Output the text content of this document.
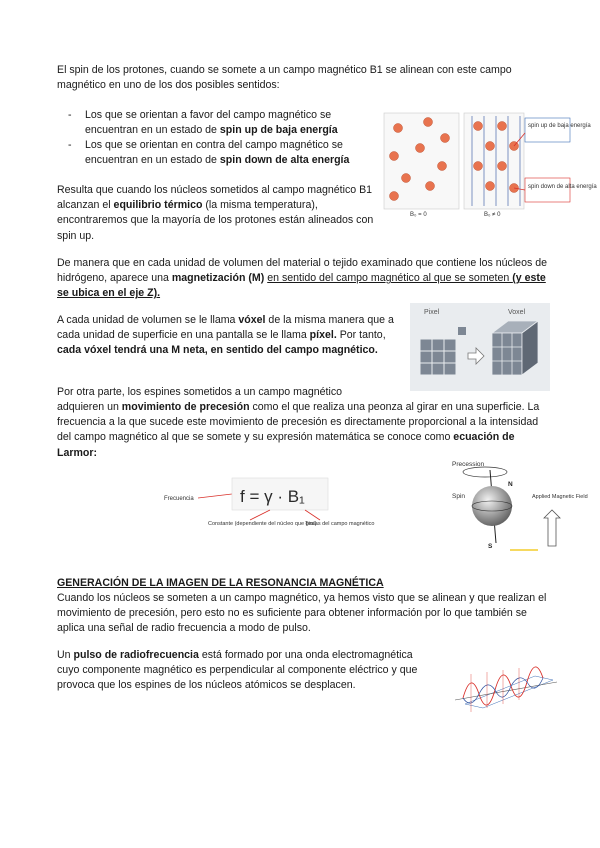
El spin de los protones, cuando se somete a un campo magnético B1 se alinean con este campo magnético en uno de los dos posibles sentidos:
- Los que se orientan a favor del campo magnético se encuentran en un estado de spin up de baja energía
- Los que se orientan en contra del campo magnético se encuentran en un estado de spin down de alta energía
Resulta que cuando los núcleos sometidos al campo magnético B1 alcanzan el equilibrio térmico (la misma temperatura), encontraremos que la mayoría de los protones están alineados con spin up.
De manera que en cada unidad de volumen del material o tejido examinado que contiene los núcleos de hidrógeno, aparece una magnetización (M) en sentido del campo magnético al que se someten (y este se ubica en el eje Z).
A cada unidad de volumen se le llama vóxel de la misma manera que a cada unidad de superficie en una pantalla se le llama píxel. Por tanto, cada vóxel tendrá una M neta, en sentido del campo magnético.
Por otra parte, los espines sometidos a un campo magnético
adquieren un movimiento de precesión como el que realiza una peonza al girar en una superficie. La frecuencia a la que sucede este movimiento de precesión es directamente proporcional a la intensidad del campo magnético al que se somete y su expresión matemática se conoce como ecuación de Larmor:
GENERACIÓN DE LA IMAGEN DE LA RESONANCIA MAGNÉTICA
Cuando los núcleos se someten a un campo magnético, ya hemos visto que se alinean y que realizan el movimiento de precesión, pero esto no es suficiente para obtener información por lo que también se aplica una señal de radio frecuencia a modo de pulso.
Un pulso de radiofrecuencia está formado por una onda electromagnética cuyo componente magnético es perpendicular al componente eléctrico y que provoca que los espines de los núcleos atómicos se desplacen.
spin up de baja energía
spin down de alta energía
B₀ = 0	B₀ ≠ 0
Pixel	Voxel
Frecuencia	f = γ · B₁
Constante (dependiente del núcleo que gira)
Teslas del campo magnético
Precession
Spin
N
S
Applied Magnetic Field
